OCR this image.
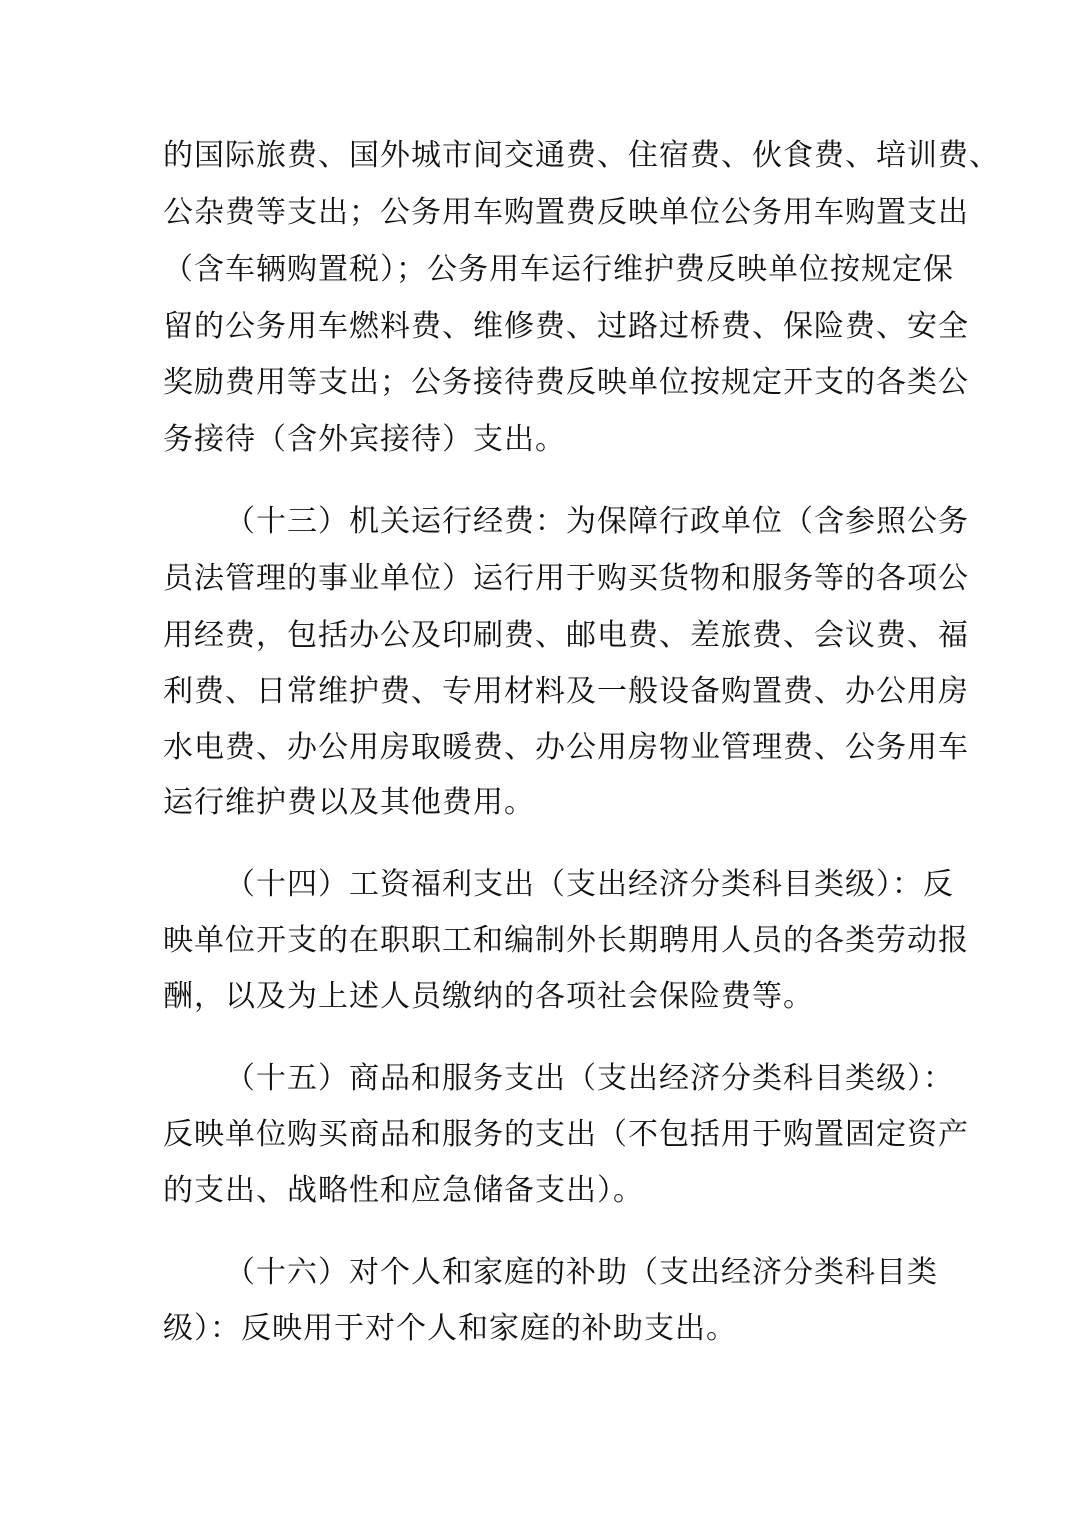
的国际旅费、国外城市间交通费、住宿费、伙食费、培训费、
公杂费等支出；公务用车购置费反映单位公务用车购置支出
（含车辆购置税）；公务用车运行维护费反映单位按规定保
留的公务用车燃料费、维修费、过路过桥费、保险费、安全
奖励费用等支出；公务接待费反映单位按规定开支的各类公
务接待（含外宾接待）支出。
（十三）机关运行经费：为保障行政单位（含参照公务
员法管理的事业单位）运行用于购买货物和服务等的各项公
用经费，包括办公及印刷费、邮电费、差旅费、会议费、福
利费、日常维护费、专用材料及一般设备购置费、办公用房
水电费、办公用房取暖费、办公用房物业管理费、公务用车
运行维护费以及其他费用。
（十四）工资福利支出（支出经济分类科目类级）：反
映单位开支的在职职工和编制外长期聘用人员的各类劳动报
酬，以及为上述人员缴纳的各项社会保险费等。
（十五）商品和服务支出（支出经济分类科目类级）：
反映单位购买商品和服务的支出（不包括用于购置固定资产
的支出、战略性和应急储备支出）。
（十六）对个人和家庭的补助（支出经济分类科目类
级）：反映用于对个人和家庭的补助支出。
